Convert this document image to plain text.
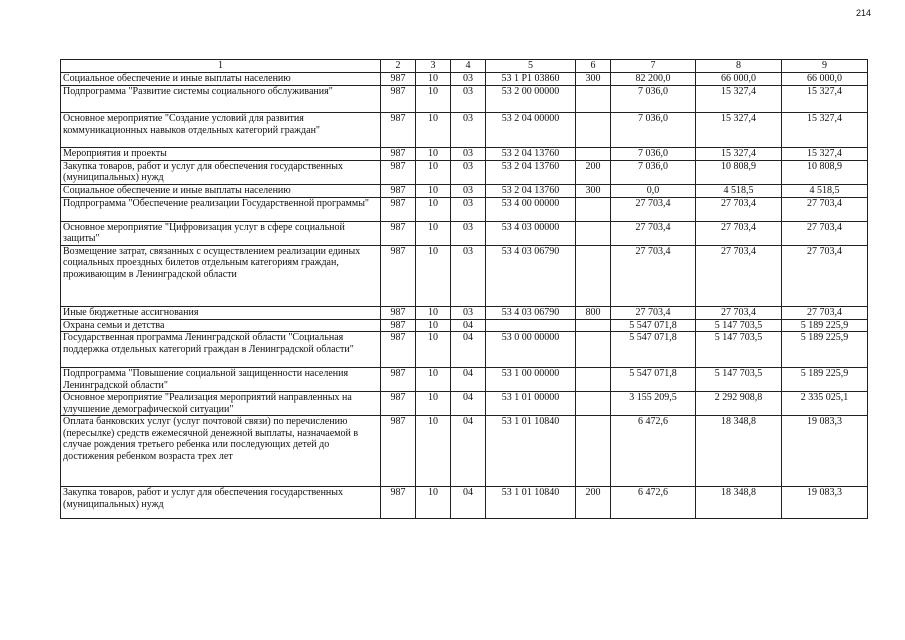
214
1	2	3	4	5	6	7	8	9
Социальное обеспечение и иные выплаты населению	987	10	03	53 1 P1 03860	300	82 200,0	66 000,0	66 000,0
Подпрограмма "Развитие системы социального обслуживания"	987	10	03	53 2 00 00000		7 036,0	15 327,4	15 327,4
Основное мероприятие "Создание условий для развития коммуникационных навыков отдельных категорий граждан"	987	10	03	53 2 04 00000		7 036,0	15 327,4	15 327,4
Мероприятия и проекты	987	10	03	53 2 04 13760		7 036,0	15 327,4	15 327,4
Закупка товаров, работ и услуг для обеспечения государственных (муниципальных) нужд	987	10	03	53 2 04 13760	200	7 036,0	10 808,9	10 808,9
Социальное обеспечение и иные выплаты населению	987	10	03	53 2 04 13760	300	0,0	4 518,5	4 518,5
Подпрограмма "Обеспечение реализации Государственной программы"	987	10	03	53 4 00 00000		27 703,4	27 703,4	27 703,4
Основное мероприятие "Цифровизация услуг в сфере социальной защиты"	987	10	03	53 4 03 00000		27 703,4	27 703,4	27 703,4
Возмещение затрат, связанных с осуществлением реализации единых социальных проездных билетов отдельным категориям граждан, проживающим в Ленинградской области	987	10	03	53 4 03 06790		27 703,4	27 703,4	27 703,4
Иные бюджетные ассигнования	987	10	03	53 4 03 06790	800	27 703,4	27 703,4	27 703,4
Охрана семьи и детства	987	10	04			5 547 071,8	5 147 703,5	5 189 225,9
Государственная программа Ленинградской области "Социальная поддержка отдельных категорий граждан в Ленинградской области"	987	10	04	53 0 00 00000		5 547 071,8	5 147 703,5	5 189 225,9
Подпрограмма "Повышение социальной защищенности населения Ленинградской области"	987	10	04	53 1 00 00000		5 547 071,8	5 147 703,5	5 189 225,9
Основное мероприятие "Реализация мероприятий направленных на улучшение демографической ситуации"	987	10	04	53 1 01 00000		3 155 209,5	2 292 908,8	2 335 025,1
Оплата банковских услуг (услуг почтовой связи) по перечислению (пересылке) средств ежемесячной денежной выплаты, назначаемой в случае рождения третьего ребенка или последующих детей до достижения ребенком возраста трех лет	987	10	04	53 1 01 10840		6 472,6	18 348,8	19 083,3
Закупка товаров, работ и услуг для обеспечения государственных (муниципальных) нужд	987	10	04	53 1 01 10840	200	6 472,6	18 348,8	19 083,3
